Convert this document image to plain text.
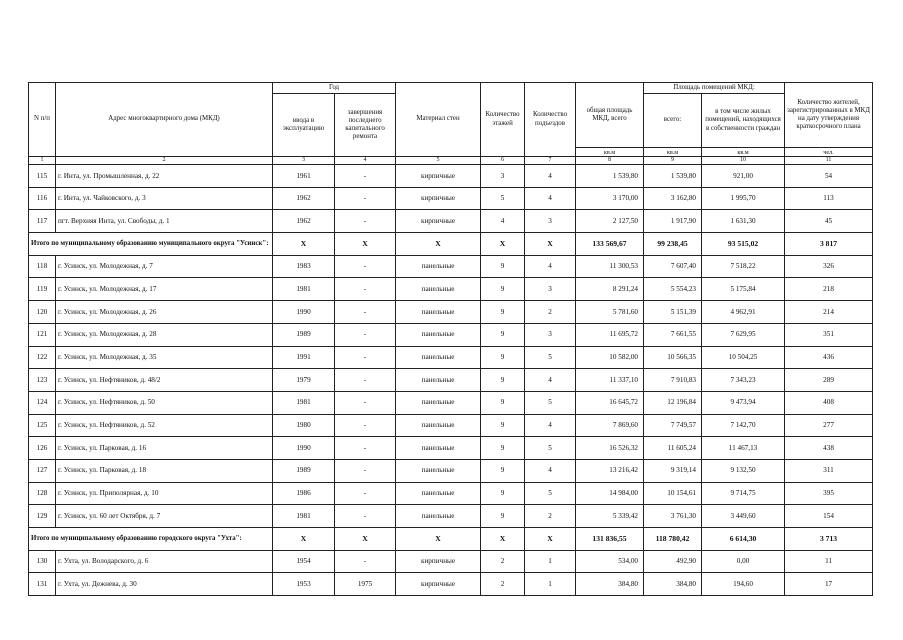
N п/п	Адрес многоквартирного дома (МКД)	Год		Материал стен	Количество этажей	Количество подъездов	общая площадь МКД, всего	Площадь помещений МКД:		Количество жителей, зарегистрированных в МКД на дату утверждения краткосрочного плана
		ввода в эксплуатацию	завершения последнего капитального ремонта					всего:	в том числе жилых помещений, находящихся в собственности граждан	
							кв.м	кв.м	кв.м	чел.
1	2	3	4	5	6	7	8	9	10	11
115	г. Инта, ул. Промышленная, д. 22	1961	-	кирпичные	3	4	1 539,80	1 539,80	921,00	54
116	г. Инта, ул. Чайковского, д. 3	1962	-	кирпичные	5	4	3 170,00	3 162,80	1 995,70	113
117	пгт. Верхняя Инта, ул. Свободы, д. 1	1962	-	кирпичные	4	3	2 127,50	1 917,90	1 631,30	45
Итого по муниципальному образованию муниципального округа "Усинск":		X	X	X	X	X	133 569,67	99 238,45	93 515,02	3 817
118	г. Усинск, ул. Молодежная, д. 7	1983	-	панельные	9	4	11 300,53	7 607,40	7 518,22	326
119	г. Усинск, ул. Молодежная, д. 17	1981	-	панельные	9	3	8 291,24	5 554,23	5 175,84	218
120	г. Усинск, ул. Молодежная, д. 26	1990	-	панельные	9	2	5 781,60	5 151,39	4 962,91	214
121	г. Усинск, ул. Молодежная, д. 28	1989	-	панельные	9	3	11 695,72	7 661,55	7 629,95	351
122	г. Усинск, ул. Молодежная, д. 35	1991	-	панельные	9	5	10 582,00	10 566,35	10 504,25	436
123	г. Усинск, ул. Нефтяников, д. 48/2	1979	-	панельные	9	4	11 337,10	7 910,83	7 343,23	289
124	г. Усинск, ул. Нефтяников, д. 50	1981	-	панельные	9	5	16 645,72	12 196,84	9 473,94	408
125	г. Усинск, ул. Нефтяников, д. 52	1980	-	панельные	9	4	7 869,60	7 749,57	7 142,70	277
126	г. Усинск, ул. Парковая, д. 16	1990	-	панельные	9	5	16 526,32	11 605,24	11 467,13	438
127	г. Усинск, ул. Парковая, д. 18	1989	-	панельные	9	4	13 216,42	9 319,14	9 132,50	311
128	г. Усинск, ул. Приполярная, д. 10	1986	-	панельные	9	5	14 984,00	10 154,61	9 714,75	395
129	г. Усинск, ул. 60 лет Октября, д. 7	1981	-	панельные	9	2	5 339,42	3 761,30	3 449,60	154
Итого по муниципальному образованию городского округа "Ухта":		X	X	X	X	X	131 836,55	118 780,42	6 614,30	3 713
130	г. Ухта, ул. Володарского, д. 6	1954	-	кирпичные	2	1	534,00	492,90	0,00	11
131	г. Ухта, ул. Дежнева, д. 30	1953	1975	кирпичные	2	1	384,80	384,80	194,60	17
